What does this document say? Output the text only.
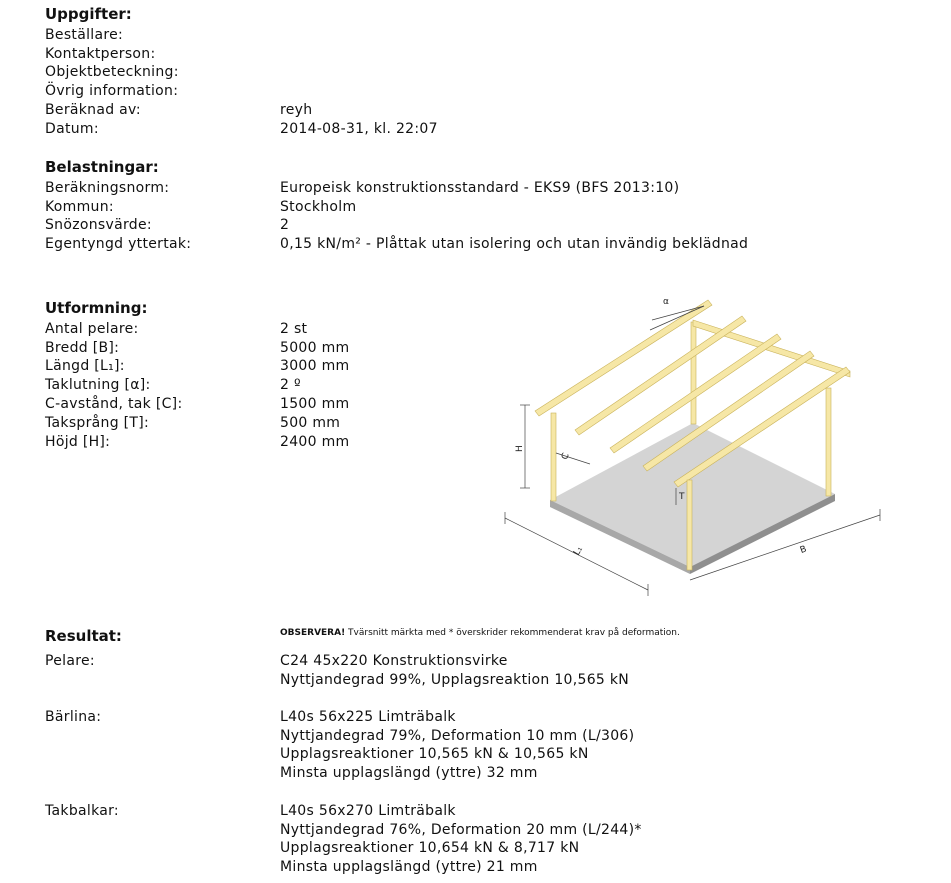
Uppgifter:
Beställare:
Kontaktperson:
Objektbeteckning:
Övrig information:
Beräknad av:	reyh
Datum:	2014-08-31, kl. 22:07
Belastningar:
Beräkningsnorm:	Europeisk konstruktionsstandard - EKS9 (BFS 2013:10)
Kommun:	Stockholm
Snözonsvärde:	2
Egentyngd yttertak:	0,15 kN/m² - Plåttak utan isolering och utan invändig beklädnad
Utformning:
Antal pelare:	2 st
Bredd [B]:	5000 mm
Längd [L₁]:	3000 mm
Taklutning [α]:	2 º
C-avstånd, tak [C]:	1500 mm
Taksprång [T]:	500 mm
Höjd [H]:	2400 mm
α
H
C
T
L₁	B
Resultat:	OBSERVERA! Tvärsnitt märkta med * överskrider rekommenderat krav på deformation.
Pelare:	C24 45x220 Konstruktionsvirke
Nyttjandegrad 99%, Upplagsreaktion 10,565 kN
Bärlina:	L40s 56x225 Limträbalk
Nyttjandegrad 79%, Deformation 10 mm (L/306)
Upplagsreaktioner 10,565 kN & 10,565 kN
Minsta upplagslängd (yttre) 32 mm
Takbalkar:	L40s 56x270 Limträbalk
Nyttjandegrad 76%, Deformation 20 mm (L/244)*
Upplagsreaktioner 10,654 kN & 8,717 kN
Minsta upplagslängd (yttre) 21 mm
